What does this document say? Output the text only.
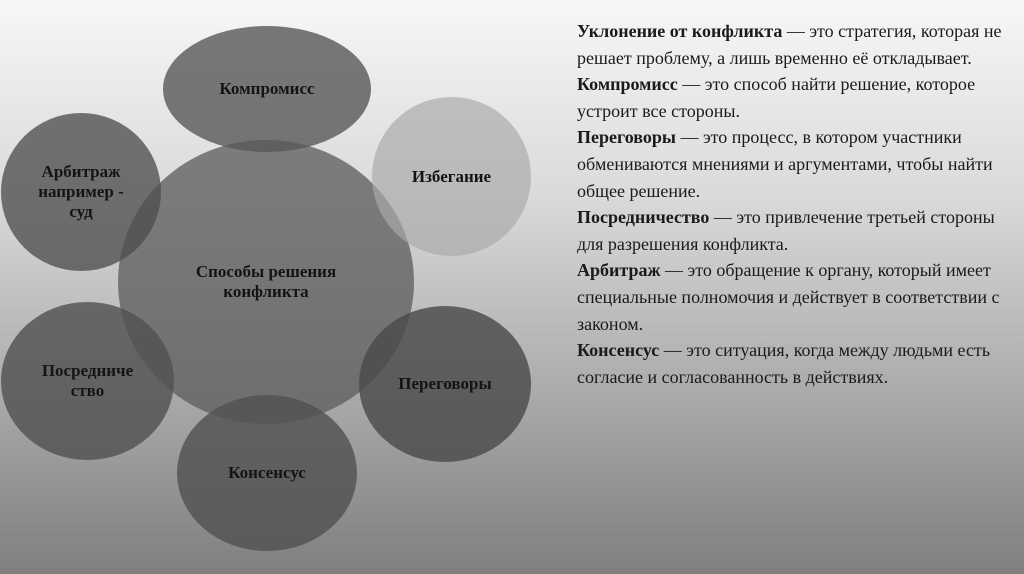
Способы решения
конфликта
Компромисс
Арбитраж
например -
суд
Избегание
Переговоры
Консенсус
Посредниче
ство

Уклонение от конфликта — это стратегия, которая не решает проблему, а лишь временно её откладывает.

Компромисс — это способ найти решение, которое устроит все стороны.

Переговоры — это процесс, в котором участники обмениваются мнениями и аргументами, чтобы найти общее решение.

Посредничество — это привлечение третьей стороны для разрешения конфликта.

Арбитраж — это обращение к органу, который имеет специальные полномочия и действует в соответствии с законом.

Консенсус — это ситуация, когда между людьми есть согласие и согласованность в действиях.
